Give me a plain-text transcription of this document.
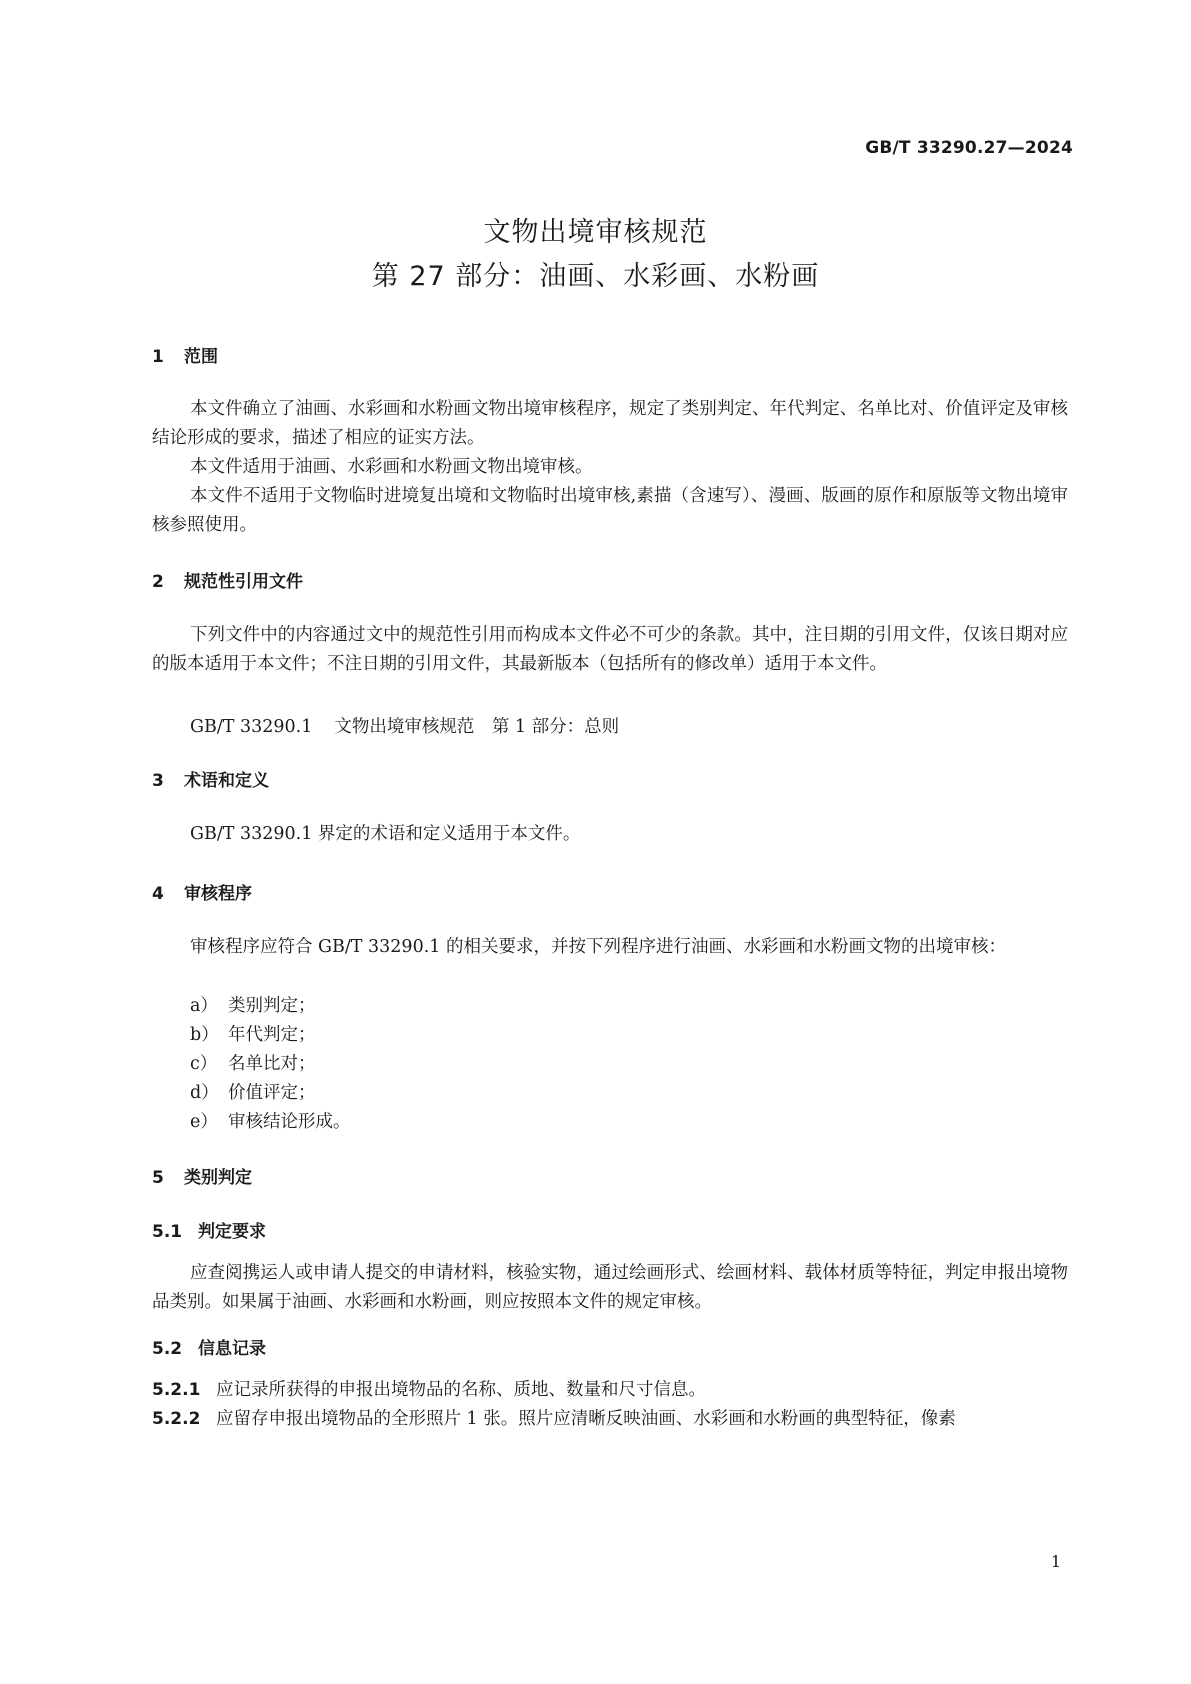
GB/T 33290.27—2024
文物出境审核规范
第 27 部分：油画、水彩画、水粉画
1 范围
本文件确立了油画、水彩画和水粉画文物出境审核程序，规定了类别判定、年代判定、名单比对、价值评定及审核结论形成的要求，描述了相应的证实方法。
本文件适用于油画、水彩画和水粉画文物出境审核。
本文件不适用于文物临时进境复出境和文物临时出境审核,素描（含速写）、漫画、版画的原作和原版等文物出境审核参照使用。
2 规范性引用文件
下列文件中的内容通过文中的规范性引用而构成本文件必不可少的条款。其中，注日期的引用文件，仅该日期对应的版本适用于本文件；不注日期的引用文件，其最新版本（包括所有的修改单）适用于本文件。
GB/T 33290.1 文物出境审核规范　第 1 部分：总则
3 术语和定义
GB/T 33290.1 界定的术语和定义适用于本文件。
4 审核程序
审核程序应符合 GB/T 33290.1 的相关要求，并按下列程序进行油画、水彩画和水粉画文物的出境审核：
a） 类别判定；
b） 年代判定；
c） 名单比对；
d） 价值评定；
e） 审核结论形成。
5 类别判定
5.1 判定要求
应查阅携运人或申请人提交的申请材料，核验实物，通过绘画形式、绘画材料、载体材质等特征，判定申报出境物品类别。如果属于油画、水彩画和水粉画，则应按照本文件的规定审核。
5.2 信息记录
5.2.1 应记录所获得的申报出境物品的名称、质地、数量和尺寸信息。
5.2.2 应留存申报出境物品的全形照片 1 张。照片应清晰反映油画、水彩画和水粉画的典型特征，像素
1
